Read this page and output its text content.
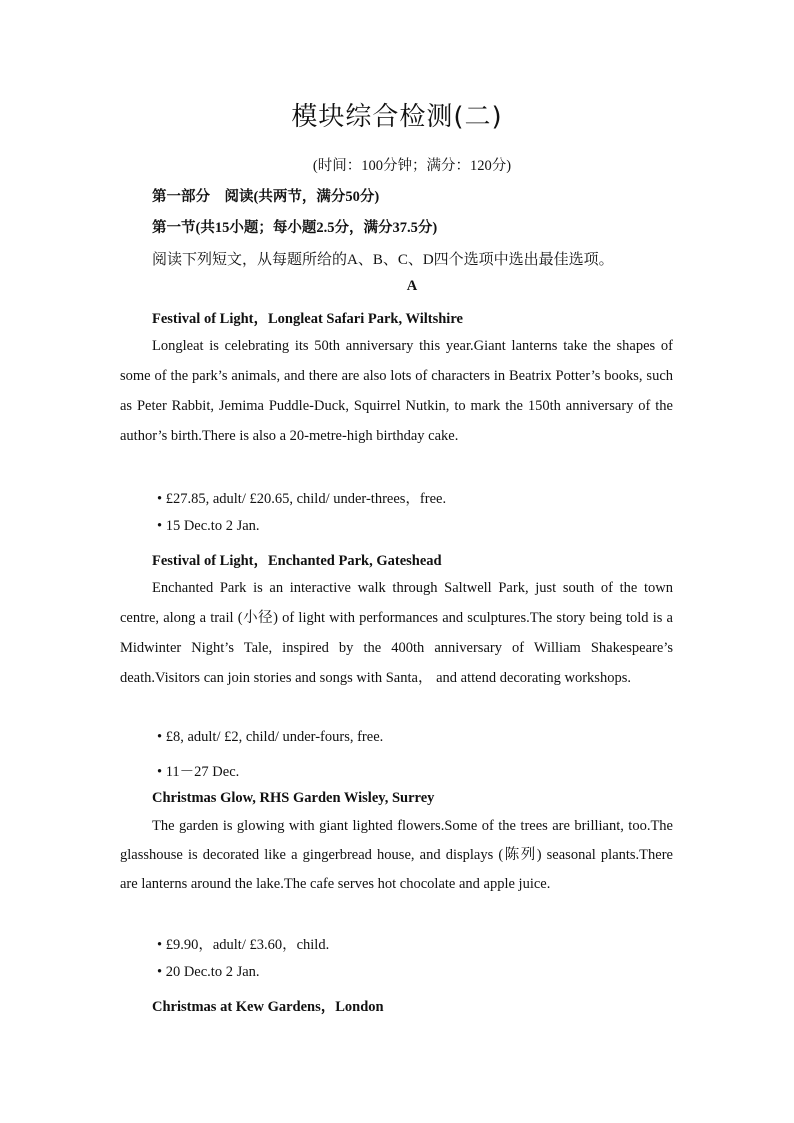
模块综合检测(二)
(时间：100分钟；满分：120分)
第一部分　阅读(共两节，满分50分)
第一节(共15小题；每小题2.5分，满分37.5分)
阅读下列短文，从每题所给的A、B、C、D四个选项中选出最佳选项。
A
Festival of Light，Longleat Safari Park, Wiltshire
Longleat is celebrating its 50th anniversary this year.Giant lanterns take the shapes of some of the park’s animals, and there are also lots of characters in Beatrix Potter’s books, such as Peter Rabbit, Jemima Puddle-Duck, Squirrel Nutkin, to mark the 150th anniversary of the author’s birth.There is also a 20-metre-high birthday cake.
• £27.85, adult/ £20.65, child/ under-threes，free.
• 15 Dec.to 2 Jan.
Festival of Light，Enchanted Park, Gateshead
Enchanted Park is an interactive walk through Saltwell Park, just south of the town centre, along a trail (小径) of light with performances and sculptures.The story being told is a Midwinter Night’s Tale, inspired by the 400th anniversary of William Shakespeare’s death.Visitors can join stories and songs with Santa， and attend decorating workshops.
• £8, adult/ £2, child/ under-fours, free.
• 11－27 Dec.
Christmas Glow, RHS Garden Wisley, Surrey
The garden is glowing with giant lighted flowers.Some of the trees are brilliant, too.The glasshouse is decorated like a gingerbread house, and displays (陈列) seasonal plants.There are lanterns around the lake.The cafe serves hot chocolate and apple juice.
• £9.90，adult/ £3.60，child.
• 20 Dec.to 2 Jan.
Christmas at Kew Gardens，London
